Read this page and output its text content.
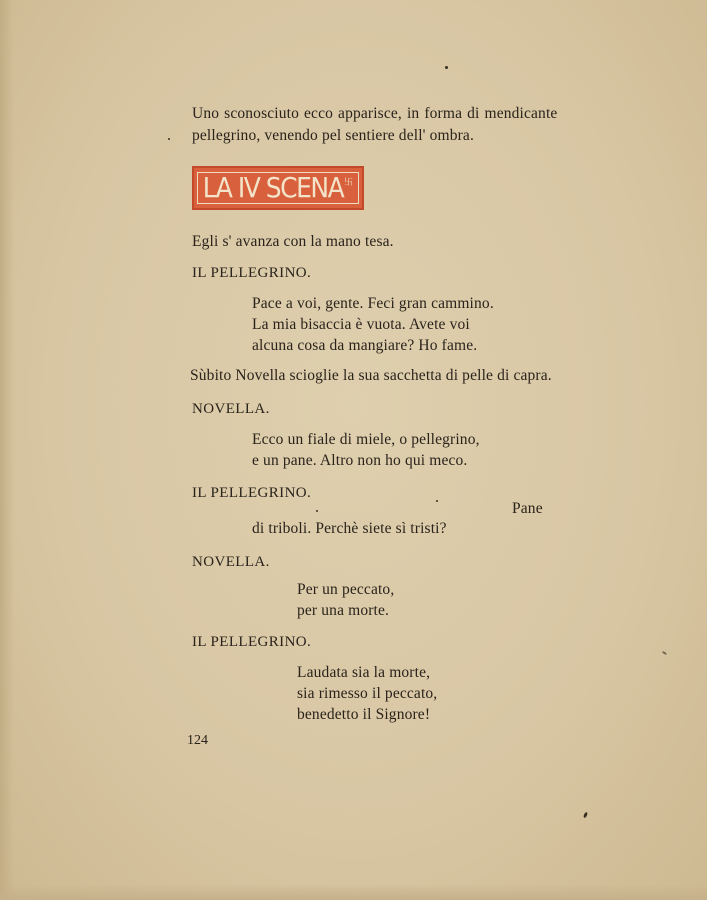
Uno sconosciuto ecco apparisce, in forma di mendicante
pellegrino, venendo pel sentiere dell' ombra.
LA IV SCENA 卐
Egli s' avanza con la mano tesa.
IL PELLEGRINO.
Pace a voi, gente. Feci gran cammino.
La mia bisaccia è vuota. Avete voi
alcuna cosa da mangiare? Ho fame.
Sùbito Novella scioglie la sua sacchetta di pelle di capra.
NOVELLA.
Ecco un fiale di miele, o pellegrino,
e un pane. Altro non ho qui meco.
IL PELLEGRINO.
Pane
di triboli. Perchè siete sì tristi?
NOVELLA.
Per un peccato,
per una morte.
IL PELLEGRINO.
Laudata sia la morte,
sia rimesso il peccato,
benedetto il Signore!
124
